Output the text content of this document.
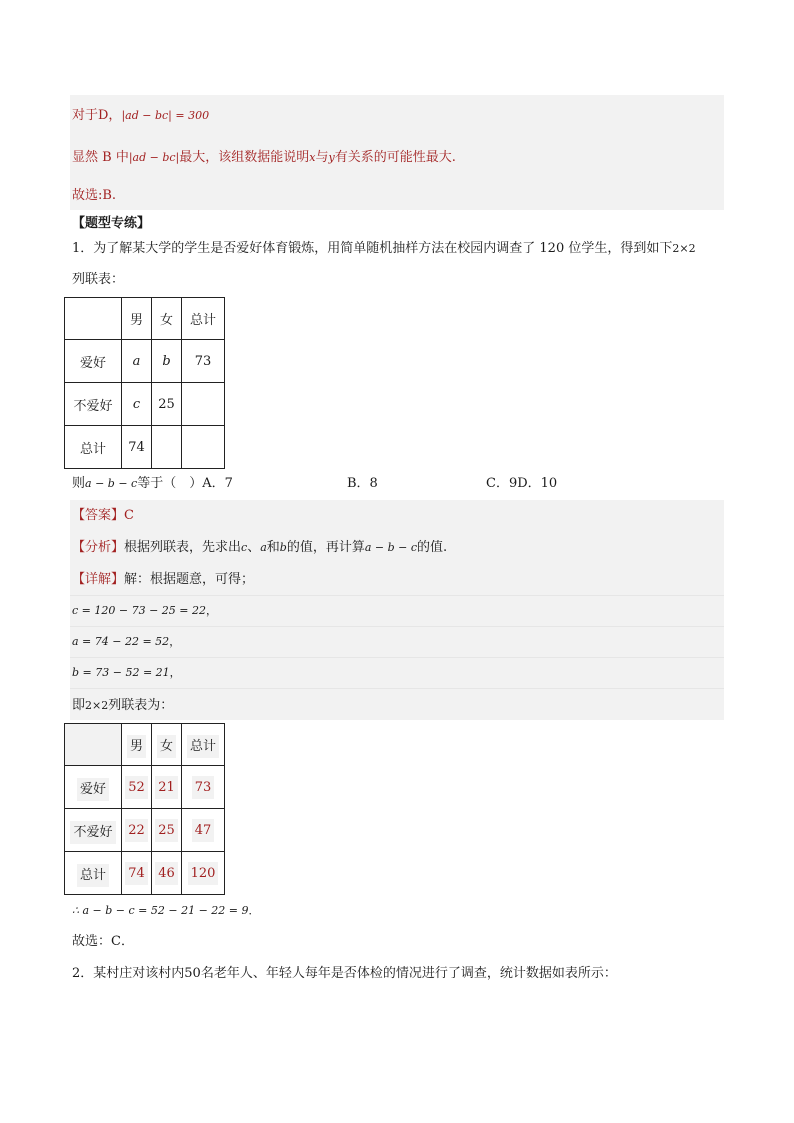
对于D，|ad − bc| = 300
显然 B 中|ad − bc|最大，该组数据能说明x与y有关系的可能性最大.
故选:B.
【题型专练】
1．为了解某大学的学生是否爱好体育锻炼，用简单随机抽样方法在校园内调查了 120 位学生，得到如下2×2
列联表：
	男	女	总计
爱好	a	b	73
不爱好	c	25	
总计	74		
则a − b − c等于（　）A．7	B．8	C．9D．10
【答案】C
【分析】根据列联表，先求出c、a和b的值，再计算a − b − c的值.
【详解】解：根据题意，可得；
c = 120 − 73 − 25 = 22，
a = 74 − 22 = 52，
b = 73 − 52 = 21，
即2×2列联表为：
	男	女	总计
爱好	52	21	73
不爱好	22	25	47
总计	74	46	120
∴ a − b − c = 52 − 21 − 22 = 9．
故选：C．
2．某村庄对该村内50名老年人、年轻人每年是否体检的情况进行了调查，统计数据如表所示：
